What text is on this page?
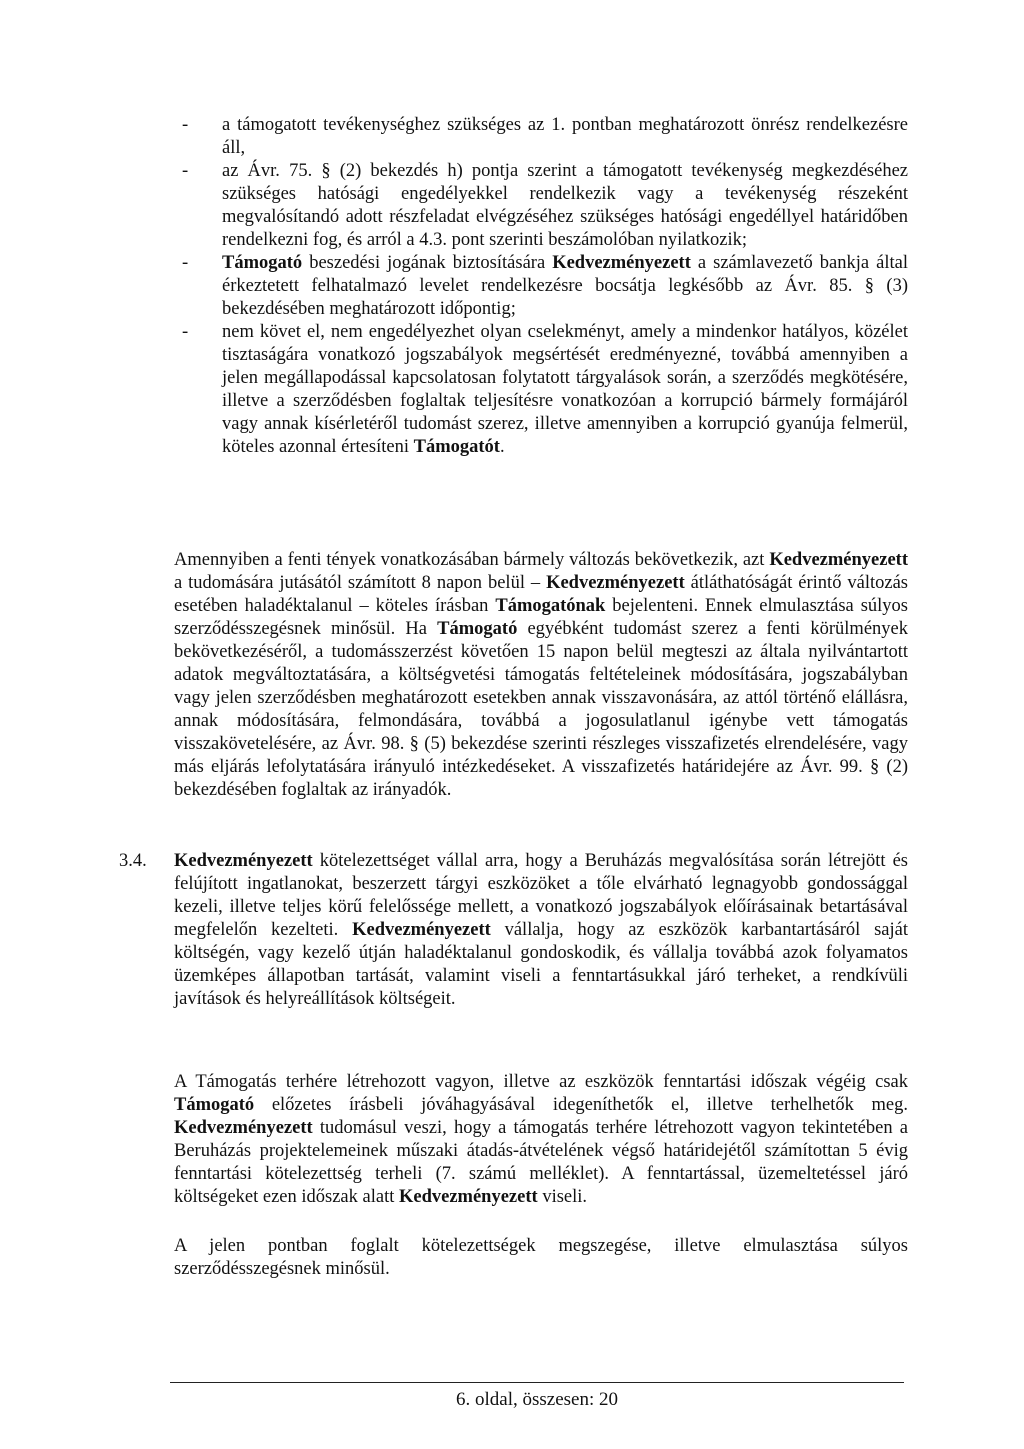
- a támogatott tevékenységhez szükséges az 1. pontban meghatározott önrész rendelkezésre áll,

- az Ávr. 75. § (2) bekezdés h) pontja szerint a támogatott tevékenység megkezdéséhez szükséges hatósági engedélyekkel rendelkezik vagy a tevékenység részeként megvalósítandó adott részfeladat elvégzéséhez szükséges hatósági engedéllyel határidőben rendelkezni fog, és arról a 4.3. pont szerinti beszámolóban nyilatkozik;

- Támogató beszedési jogának biztosítására Kedvezményezett a számlavezető bankja által érkeztetett felhatalmazó levelet rendelkezésre bocsátja legkésőbb az Ávr. 85. § (3) bekezdésében meghatározott időpontig;

- nem követ el, nem engedélyezhet olyan cselekményt, amely a mindenkor hatályos, közélet tisztaságára vonatkozó jogszabályok megsértését eredményezné, továbbá amennyiben a jelen megállapodással kapcsolatosan folytatott tárgyalások során, a szerződés megkötésére, illetve a szerződésben foglaltak teljesítésre vonatkozóan a korrupció bármely formájáról vagy annak kísérletéről tudomást szerez, illetve amennyiben a korrupció gyanúja felmerül, köteles azonnal értesíteni Támogatót.

Amennyiben a fenti tények vonatkozásában bármely változás bekövetkezik, azt Kedvezményezett a tudomására jutásától számított 8 napon belül – Kedvezményezett átláthatóságát érintő változás esetében haladéktalanul – köteles írásban Támogatónak bejelenteni. Ennek elmulasztása súlyos szerződésszegésnek minősül. Ha Támogató egyébként tudomást szerez a fenti körülmények bekövetkezéséről, a tudomásszerzést követően 15 napon belül megteszi az általa nyilvántartott adatok megváltoztatására, a költségvetési támogatás feltételeinek módosítására, jogszabályban vagy jelen szerződésben meghatározott esetekben annak visszavonására, az attól történő elállásra, annak módosítására, felmondására, továbbá a jogosulatlanul igénybe vett támogatás visszakövetelésére, az Ávr. 98. § (5) bekezdése szerinti részleges visszafizetés elrendelésére, vagy más eljárás lefolytatására irányuló intézkedéseket. A visszafizetés határidejére az Ávr. 99. § (2) bekezdésében foglaltak az irányadók.

3.4. Kedvezményezett kötelezettséget vállal arra, hogy a Beruházás megvalósítása során létrejött és felújított ingatlanokat, beszerzett tárgyi eszközöket a tőle elvárható legnagyobb gondossággal kezeli, illetve teljes körű felelőssége mellett, a vonatkozó jogszabályok előírásainak betartásával megfelelőn kezelteti. Kedvezményezett vállalja, hogy az eszközök karbantartásáról saját költségén, vagy kezelő útján haladéktalanul gondoskodik, és vállalja továbbá azok folyamatos üzemképes állapotban tartását, valamint viseli a fenntartásukkal járó terheket, a rendkívüli javítások és helyreállítások költségeit.

A Támogatás terhére létrehozott vagyon, illetve az eszközök fenntartási időszak végéig csak Támogató előzetes írásbeli jóváhagyásával idegeníthetők el, illetve terhelhetők meg. Kedvezményezett tudomásul veszi, hogy a támogatás terhére létrehozott vagyon tekintetében a Beruházás projektelemeinek műszaki átadás-átvételének végső határidejétől számítottan 5 évig fenntartási kötelezettség terheli (7. számú melléklet). A fenntartással, üzemeltetéssel járó költségeket ezen időszak alatt Kedvezményezett viseli.

A jelen pontban foglalt kötelezettségek megszegése, illetve elmulasztása súlyos szerződésszegésnek minősül.

6. oldal, összesen: 20
